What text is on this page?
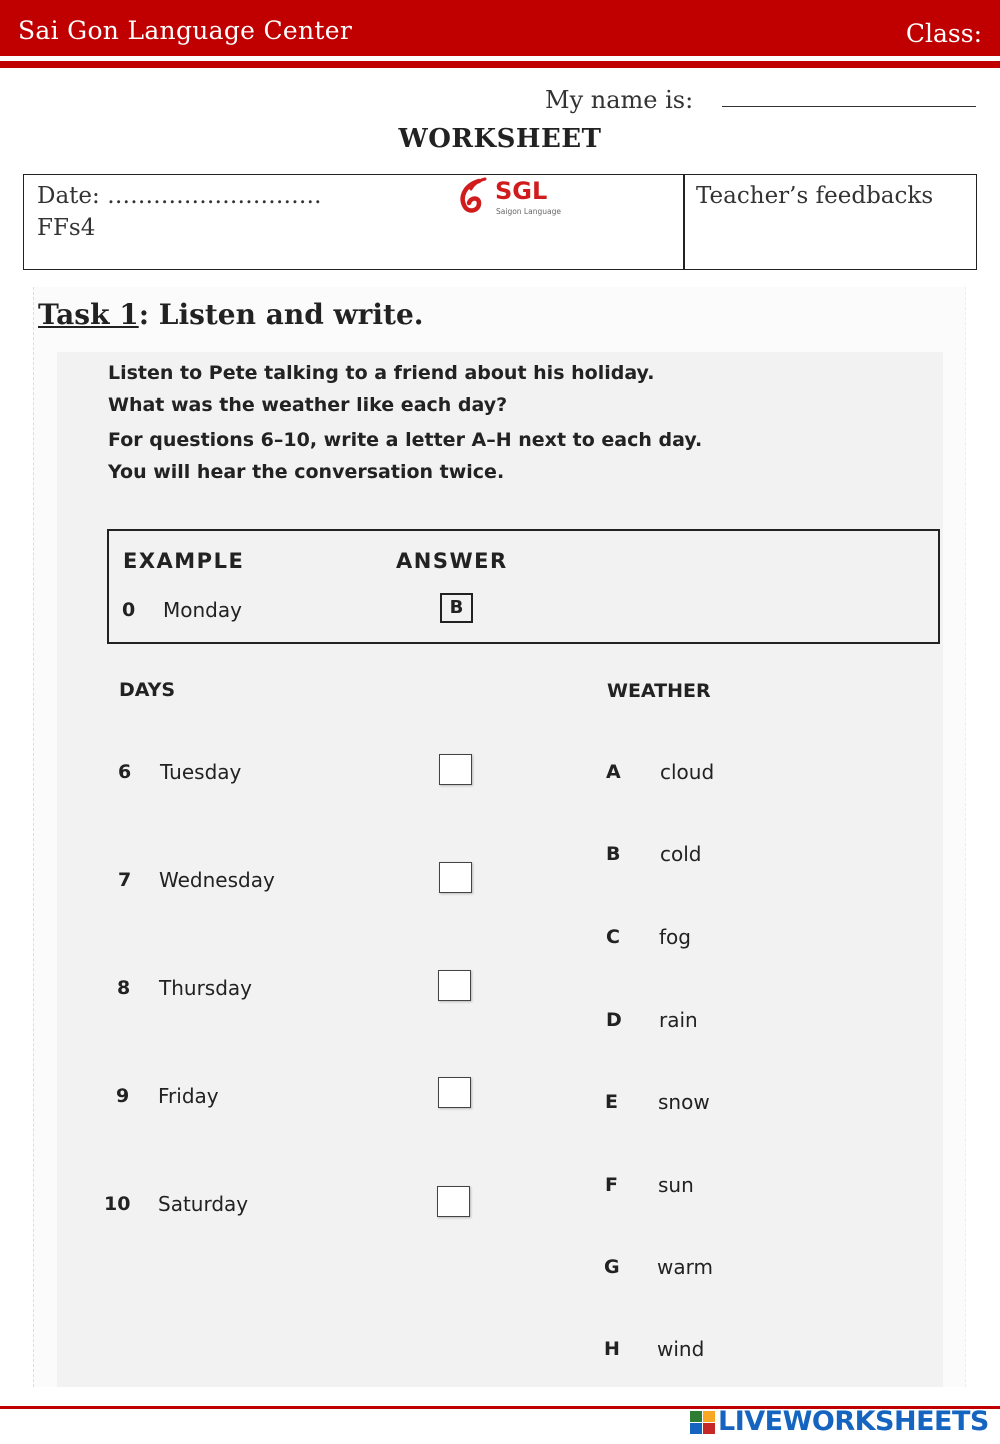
Sai Gon Language Center	Class:
My name is:
WORKSHEET
Date: ……………………….
FFs4
SGL
Saigon Language
Teacher’s feedbacks
Task 1: Listen and write.
Listen to Pete talking to a friend about his holiday.
What was the weather like each day?
For questions 6–10, write a letter A–H next to each day.
You will hear the conversation twice.
EXAMPLE	ANSWER
0 Monday	B
DAYS	WEATHER
6 Tuesday
7 Wednesday
8 Thursday
9 Friday
10 Saturday
A cloud
B cold
C fog
D rain
E snow
F sun
G warm
H wind
LIVEWORKSHEETS
